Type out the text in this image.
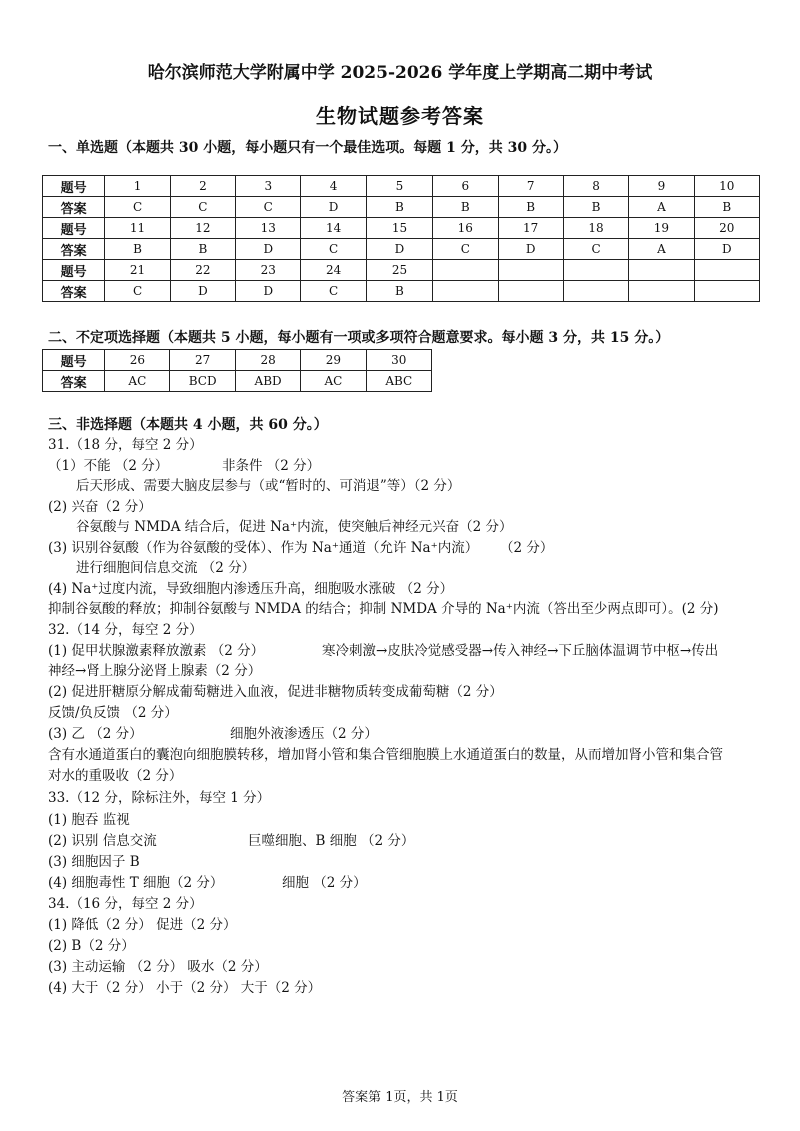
哈尔滨师范大学附属中学 2025-2026 学年度上学期高二期中考试
生物试题参考答案
一、单选题（本题共 30 小题，每小题只有一个最佳选项。每题 1 分，共 30 分。）
题号	1	2	3	4	5	6	7	8	9	10
答案	C	C	C	D	B	B	B	B	A	B
题号	11	12	13	14	15	16	17	18	19	20
答案	B	B	D	C	D	C	D	C	A	D
题号	21	22	23	24	25					
答案	C	D	D	C	B					
二、不定项选择题（本题共 5 小题，每小题有一项或多项符合题意要求。每小题 3 分，共 15 分。）
题号	26	27	28	29	30
答案	AC	BCD	ABD	AC	ABC
三、非选择题（本题共 4 小题，共 60 分。）
31.（18 分，每空 2 分）
（1）不能 （2 分）	非条件 （2 分）
后天形成、需要大脑皮层参与（或“暂时的、可消退”等）（2 分）
(2) 兴奋（2 分）
谷氨酸与 NMDA 结合后，促进 Na⁺内流，使突触后神经元兴奋（2 分）
(3) 识别谷氨酸（作为谷氨酸的受体）、作为 Na⁺通道（允许 Na⁺内流） （2 分）
进行细胞间信息交流 （2 分）
(4) Na⁺过度内流，导致细胞内渗透压升高，细胞吸水涨破 （2 分）
抑制谷氨酸的释放；抑制谷氨酸与 NMDA 的结合；抑制 NMDA 介导的 Na⁺内流（答出至少两点即可）。(2 分)
32.（14 分，每空 2 分）
(1) 促甲状腺激素释放激素 （2 分）	寒冷刺激→皮肤冷觉感受器→传入神经→下丘脑体温调节中枢→传出
神经→肾上腺分泌肾上腺素（2 分）
(2) 促进肝糖原分解成葡萄糖进入血液，促进非糖物质转变成葡萄糖（2 分）
反馈/负反馈 （2 分）
(3) 乙 （2 分）	细胞外液渗透压（2 分）
含有水通道蛋白的囊泡向细胞膜转移，增加肾小管和集合管细胞膜上水通道蛋白的数量，从而增加肾小管和集合管
对水的重吸收（2 分）
33.（12 分，除标注外，每空 1 分）
(1) 胞吞 监视
(2) 识别 信息交流	巨噬细胞、B 细胞 （2 分）
(3) 细胞因子 B
(4) 细胞毒性 T 细胞（2 分）	细胞 （2 分）
34.（16 分，每空 2 分）
(1) 降低（2 分） 促进（2 分）
(2) B（2 分）
(3) 主动运输 （2 分） 吸水（2 分）
(4) 大于（2 分） 小于（2 分） 大于（2 分）
答案第 1页，共 1页
